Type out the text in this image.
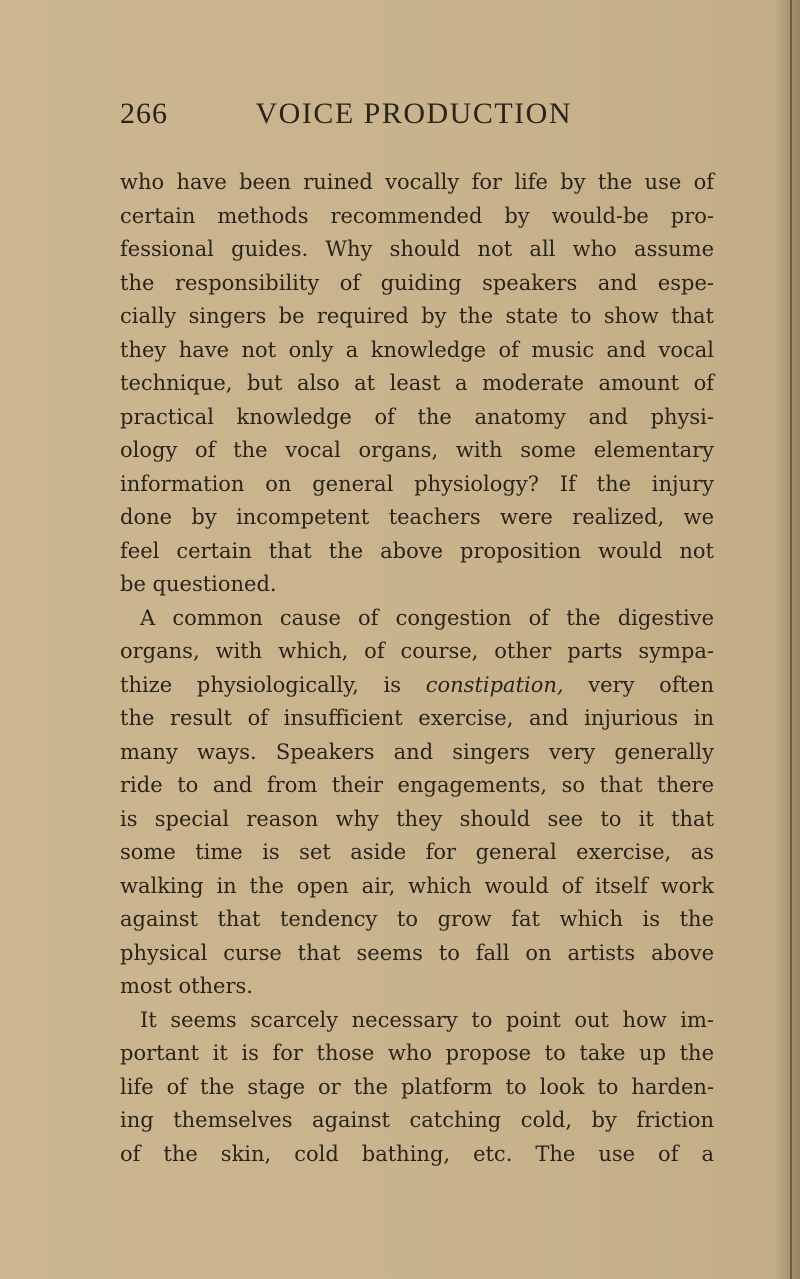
266	VOICE PRODUCTION
who have been ruined vocally for life by the use of
certain methods recommended by would-be pro-
fessional guides. Why should not all who assume
the responsibility of guiding speakers and espe-
cially singers be required by the state to show that
they have not only a knowledge of music and vocal
technique, but also at least a moderate amount of
practical knowledge of the anatomy and physi-
ology of the vocal organs, with some elementary
information on general physiology? If the injury
done by incompetent teachers were realized, we
feel certain that the above proposition would not
be questioned.
A common cause of congestion of the digestive
organs, with which, of course, other parts sympa-
thize physiologically, is constipation, very often
the result of insufficient exercise, and injurious in
many ways. Speakers and singers very generally
ride to and from their engagements, so that there
is special reason why they should see to it that
some time is set aside for general exercise, as
walking in the open air, which would of itself work
against that tendency to grow fat which is the
physical curse that seems to fall on artists above
most others.
It seems scarcely necessary to point out how im-
portant it is for those who propose to take up the
life of the stage or the platform to look to harden-
ing themselves against catching cold, by friction
of the skin, cold bathing, etc. The use of a
